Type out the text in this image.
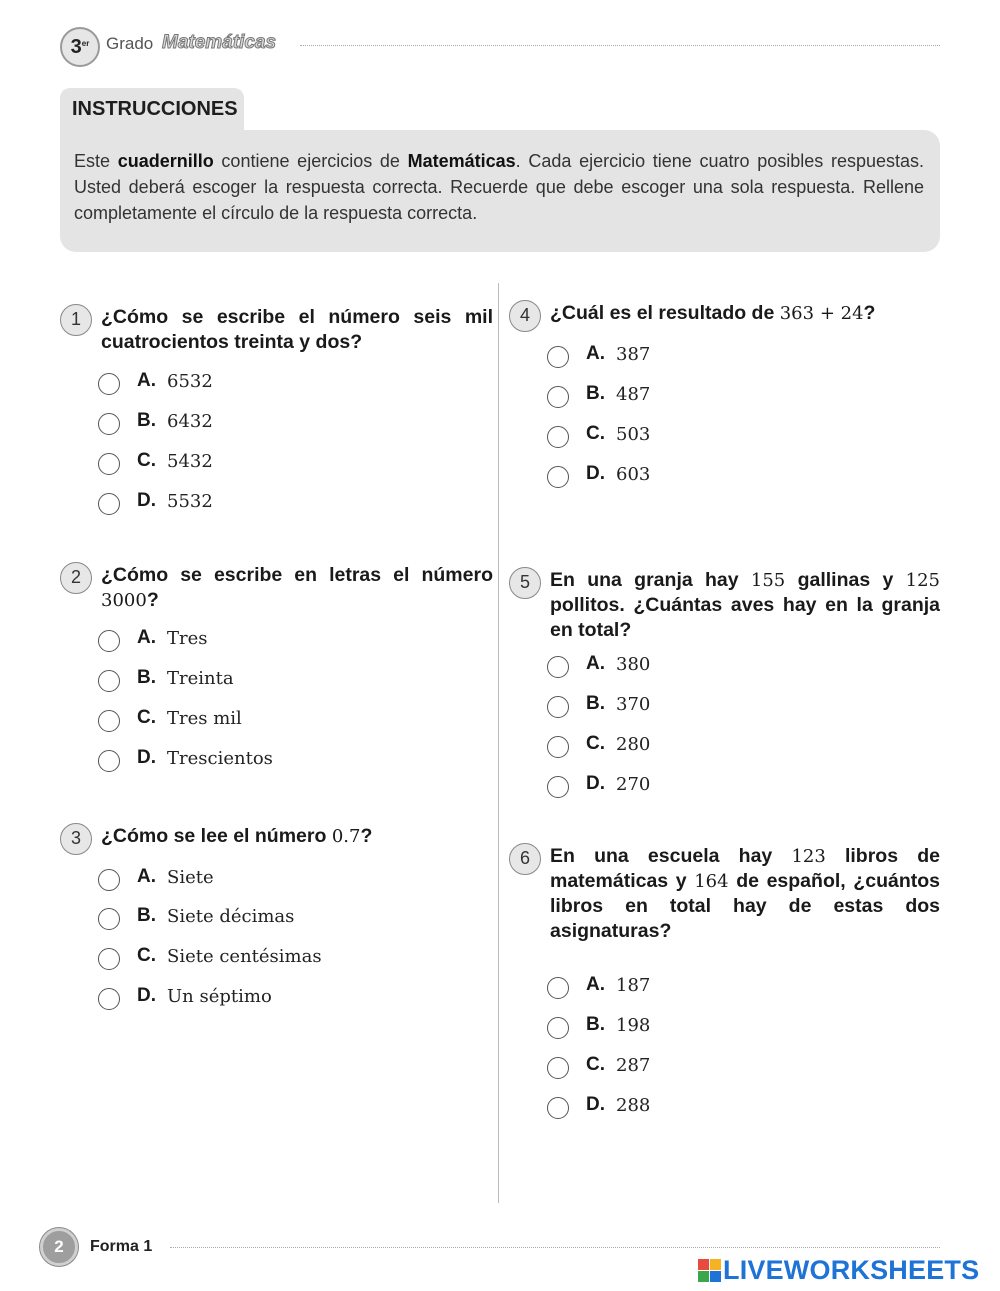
3er Grado Matemáticas
INSTRUCCIONES
Este cuadernillo contiene ejercicios de Matemáticas. Cada ejercicio tiene cuatro posibles respuestas. Usted deberá escoger la respuesta correcta. Recuerde que debe escoger una sola respuesta. Rellene completamente el círculo de la respuesta correcta.
1	¿Cómo se escribe el número seis mil cuatrocientos treinta y dos?
A. 6532
B. 6432
C. 5432
D. 5532
2	¿Cómo se escribe en letras el número 3000?
A. Tres
B. Treinta
C. Tres mil
D. Trescientos
3	¿Cómo se lee el número 0.7?
A. Siete
B. Siete décimas
C. Siete centésimas
D. Un séptimo
4	¿Cuál es el resultado de 363 + 24?
A. 387
B. 487
C. 503
D. 603
5	En una granja hay 155 gallinas y 125 pollitos. ¿Cuántas aves hay en la granja en total?
A. 380
B. 370
C. 280
D. 270
6	En una escuela hay 123 libros de matemáticas y 164 de español, ¿cuántos libros en total hay de estas dos asignaturas?
A. 187
B. 198
C. 287
D. 288
2	Forma 1
LIVEWORKSHEETS
